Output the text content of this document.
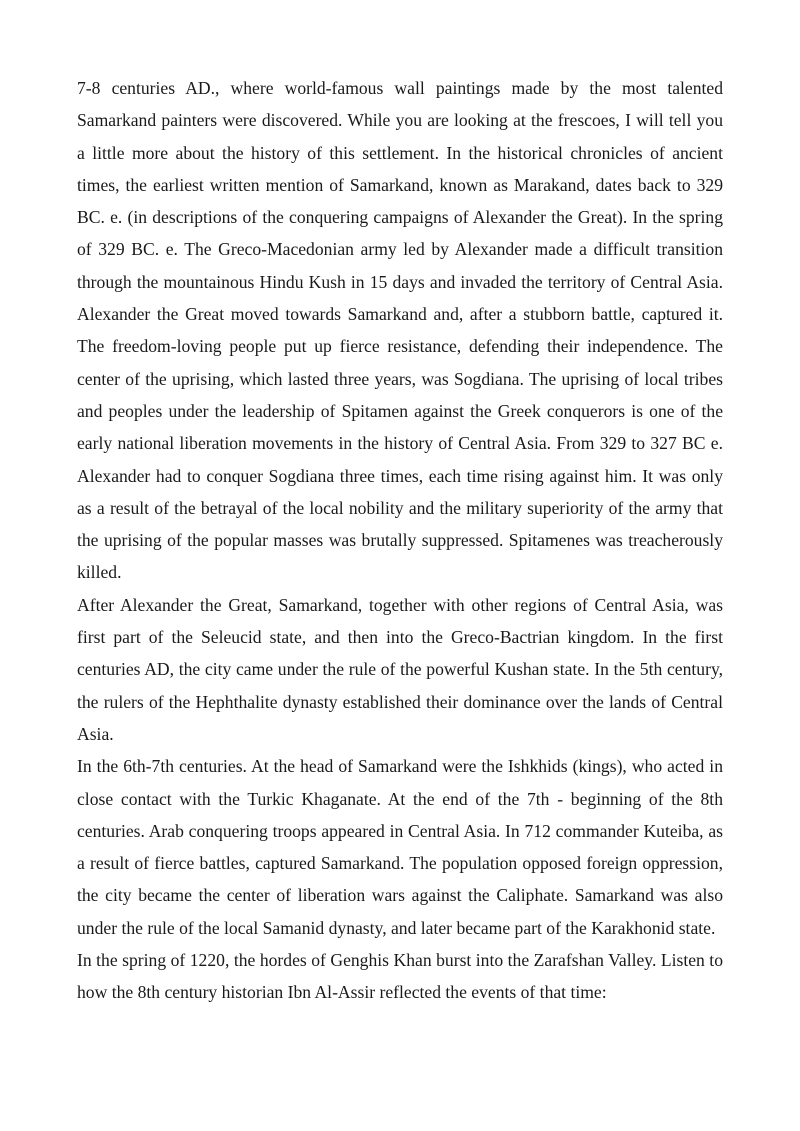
7-8 centuries AD., where world-famous wall paintings made by the most talented Samarkand painters were discovered. While you are looking at the frescoes, I will tell you a little more about the history of this settlement. In the historical chronicles of ancient times, the earliest written mention of Samarkand, known as Marakand, dates back to 329 BC. e. (in descriptions of the conquering campaigns of Alexander the Great). In the spring of 329 BC. e. The Greco-Macedonian army led by Alexander made a difficult transition through the mountainous Hindu Kush in 15 days and invaded the territory of Central Asia. Alexander the Great moved towards Samarkand and, after a stubborn battle, captured it. The freedom-loving people put up fierce resistance, defending their independence. The center of the uprising, which lasted three years, was Sogdiana. The uprising of local tribes and peoples under the leadership of Spitamen against the Greek conquerors is one of the early national liberation movements in the history of Central Asia. From 329 to 327 BC e. Alexander had to conquer Sogdiana three times, each time rising against him. It was only as a result of the betrayal of the local nobility and the military superiority of the army that the uprising of the popular masses was brutally suppressed. Spitamenes was treacherously killed.

After Alexander the Great, Samarkand, together with other regions of Central Asia, was first part of the Seleucid state, and then into the Greco-Bactrian kingdom. In the first centuries AD, the city came under the rule of the powerful Kushan state. In the 5th century, the rulers of the Hephthalite dynasty established their dominance over the lands of Central Asia.

In the 6th-7th centuries. At the head of Samarkand were the Ishkhids (kings), who acted in close contact with the Turkic Khaganate. At the end of the 7th - beginning of the 8th centuries. Arab conquering troops appeared in Central Asia. In 712 commander Kuteiba, as a result of fierce battles, captured Samarkand. The population opposed foreign oppression, the city became the center of liberation wars against the Caliphate. Samarkand was also under the rule of the local Samanid dynasty, and later became part of the Karakhonid state.

In the spring of 1220, the hordes of Genghis Khan burst into the Zarafshan Valley. Listen to how the 8th century historian Ibn Al-Assir reflected the events of that time:
